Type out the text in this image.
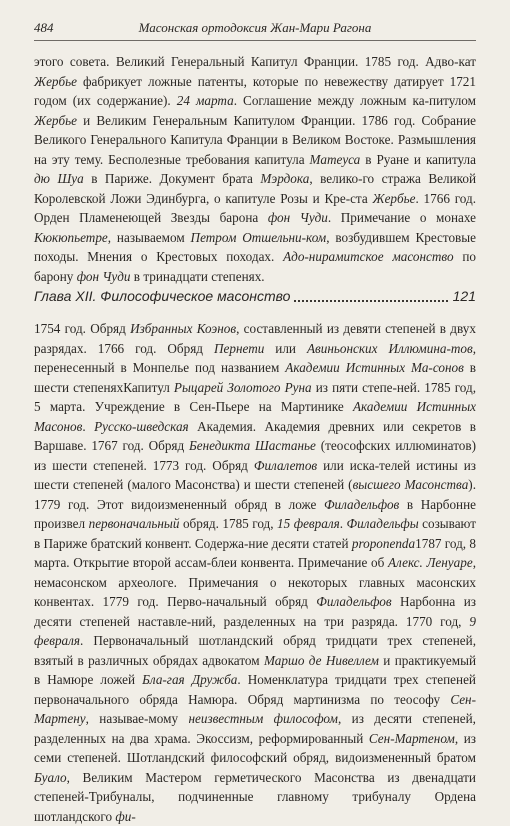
484	Масонская ортодоксия Жан-Мари Рагона

этого совета. Великий Генеральный Капитул Франции. 1785 год. Адво-кат Жербье фабрикует ложные патенты, которые по невежеству датирует 1721 годом (их содержание). 24 марта. Соглашение между ложным ка-питулом Жербье и Великим Генеральным Капитулом Франции. 1786 год. Собрание Великого Генерального Капитула Франции в Великом Востоке. Размышления на эту тему. Бесполезные требования капитула Матеуса в Руане и капитула дю Шуа в Париже. Документ брата Мэрдока, велико-го стража Великой Королевской Ложи Эдинбурга, о капитуле Розы и Кре-ста Жербье. 1766 год. Орден Пламенеющей Звезды барона фон Чуди. Примечание о монахе Кюкюпьетре, называемом Петром Отшельни-ком, возбудившем Крестовые походы. Мнения о Крестовых походах. Адо-нирамитское масонство по барону фон Чуди в тринадцати степенях.

Глава XII. Философическое масонство	121

1754 год. Обряд Избранных Коэнов, составленный из девяти степеней в двух разрядах. 1766 год. Обряд Пернети или Авиньонских Иллюмина-тов, перенесенный в Монпелье под названием Академии Истинных Ма-сонов в шести степеняхКапитул Рыцарей Золотого Руна из пяти степе-ней. 1785 год, 5 марта. Учреждение в Сен-Пьере на Мартинике Академии Истинных Масонов. Русско-шведская Академия. Академия древних или секретов в Варшаве. 1767 год. Обряд Бенедикта Шастанье (теософских иллюминатов) из шести степеней. 1773 год. Обряд Филалетов или иска-телей истины из шести степеней (малого Масонства) и шести степеней (высшего Масонства). 1779 год. Этот видоизмененный обряд в ложе Филадельфов в Нарбонне произвел первоначальный обряд. 1785 год, 15 февраля. Филадельфы созывают в Париже братский конвент. Содержа-ние десяти статей proponenda1787 год, 8 марта. Открытие второй ассам-блеи конвента. Примечание об Алекс. Ленуаре, немасонском археологе. Примечания о некоторых главных масонских конвентах. 1779 год. Перво-начальный обряд Филадельфов Нарбонна из десяти степеней наставле-ний, разделенных на три разряда. 1770 год, 9 февраля. Первоначальный шотландский обряд тридцати трех степеней, взятый в различных обрядах адвокатом Маршо де Нивеллем и практикуемый в Намюре ложей Бла-гая Дружба. Номенклатура тридцати трех степеней первоначального обряда Намюра. Обряд мартинизма по теософу Сен-Мартену, называе-мому неизвестным философом, из десяти степеней, разделенных на два храма. Экоссизм, реформированный Сен-Мартеном, из семи степеней. Шотландский философский обряд, видоизмененный братом Буало, Великим Мастером герметического Масонства из двенадцати степеней-Трибуналы, подчиненные главному трибуналу Ордена шотландского фи-
